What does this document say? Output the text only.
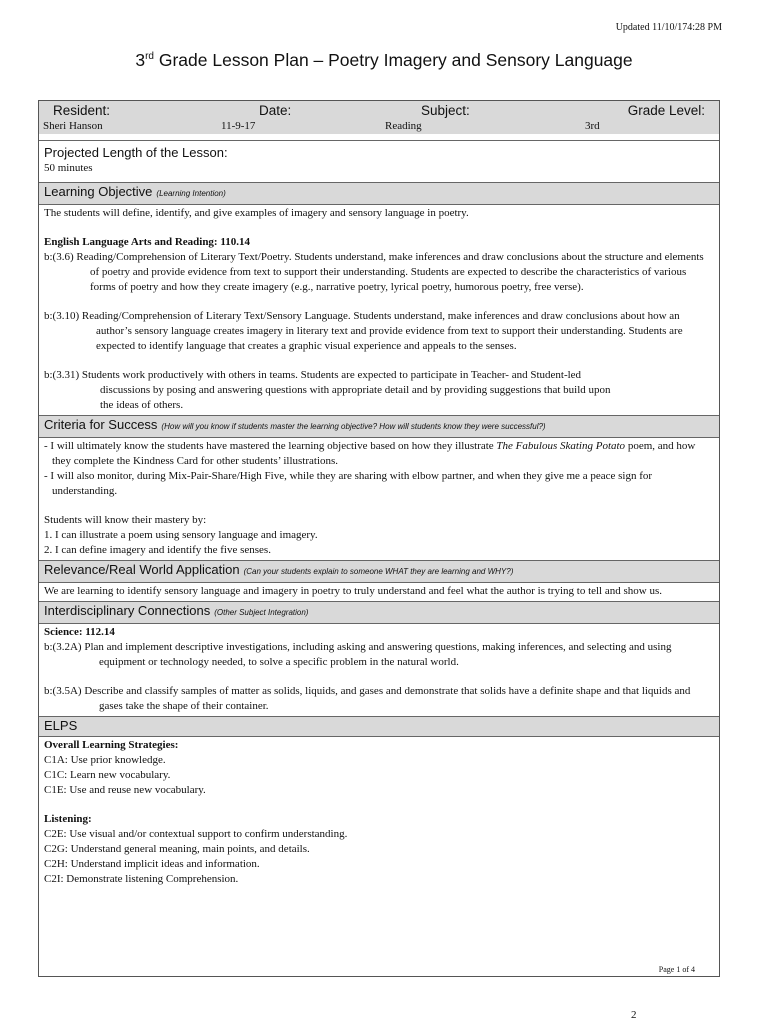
Updated 11/10/174:28 PM
3rd Grade Lesson Plan – Poetry Imagery and Sensory Language
Resident:	Date:	Subject:	Grade Level:
Sheri Hanson	11-9-17	Reading	3rd
Projected Length of the Lesson:
50 minutes
Learning Objective (Learning Intention)

The students will define, identify, and give examples of imagery and sensory language in poetry.

English Language Arts and Reading: 110.14

b:(3.6) Reading/Comprehension of Literary Text/Poetry. Students understand, make inferences and draw conclusions about the structure and elements of poetry and provide evidence from text to support their understanding. Students are expected to describe the characteristics of various forms of poetry and how they create imagery (e.g., narrative poetry, lyrical poetry, humorous poetry, free verse).

b:(3.10) Reading/Comprehension of Literary Text/Sensory Language. Students understand, make inferences and draw conclusions about how an author’s sensory language creates imagery in literary text and provide evidence from text to support their understanding. Students are expected to identify language that creates a graphic visual experience and appeals to the senses.

b:(3.31) Students work productively with others in teams. Students are expected to participate in Teacher- and Student-led discussions by posing and answering questions with appropriate detail and by providing suggestions that build upon the ideas of others.

Criteria for Success (How will you know if students master the learning objective? How will students know they were successful?)

- I will ultimately know the students have mastered the learning objective based on how they illustrate The Fabulous Skating Potato poem, and how they complete the Kindness Card for other students’ illustrations.

- I will also monitor, during Mix-Pair-Share/High Five, while they are sharing with elbow partner, and when they give me a peace sign for understanding.

Students will know their mastery by:

1. I can illustrate a poem using sensory language and imagery.

2. I can define imagery and identify the five senses.

Relevance/Real World Application (Can your students explain to someone WHAT they are learning and WHY?)

We are learning to identify sensory language and imagery in poetry to truly understand and feel what the author is trying to tell and show us.

Interdisciplinary Connections (Other Subject Integration)

Science: 112.14

b:(3.2A) Plan and implement descriptive investigations, including asking and answering questions, making inferences, and selecting and using equipment or technology needed, to solve a specific problem in the natural world.

b:(3.5A) Describe and classify samples of matter as solids, liquids, and gases and demonstrate that solids have a definite shape and that liquids and gases take the shape of their container.

ELPS

Overall Learning Strategies:

C1A: Use prior knowledge.

C1C: Learn new vocabulary.

C1E: Use and reuse new vocabulary.

Listening:

C2E: Use visual and/or contextual support to confirm understanding.

C2G: Understand general meaning, main points, and details.

C2H: Understand implicit ideas and information.

C2I: Demonstrate listening Comprehension.

Page 1 of 4
2
